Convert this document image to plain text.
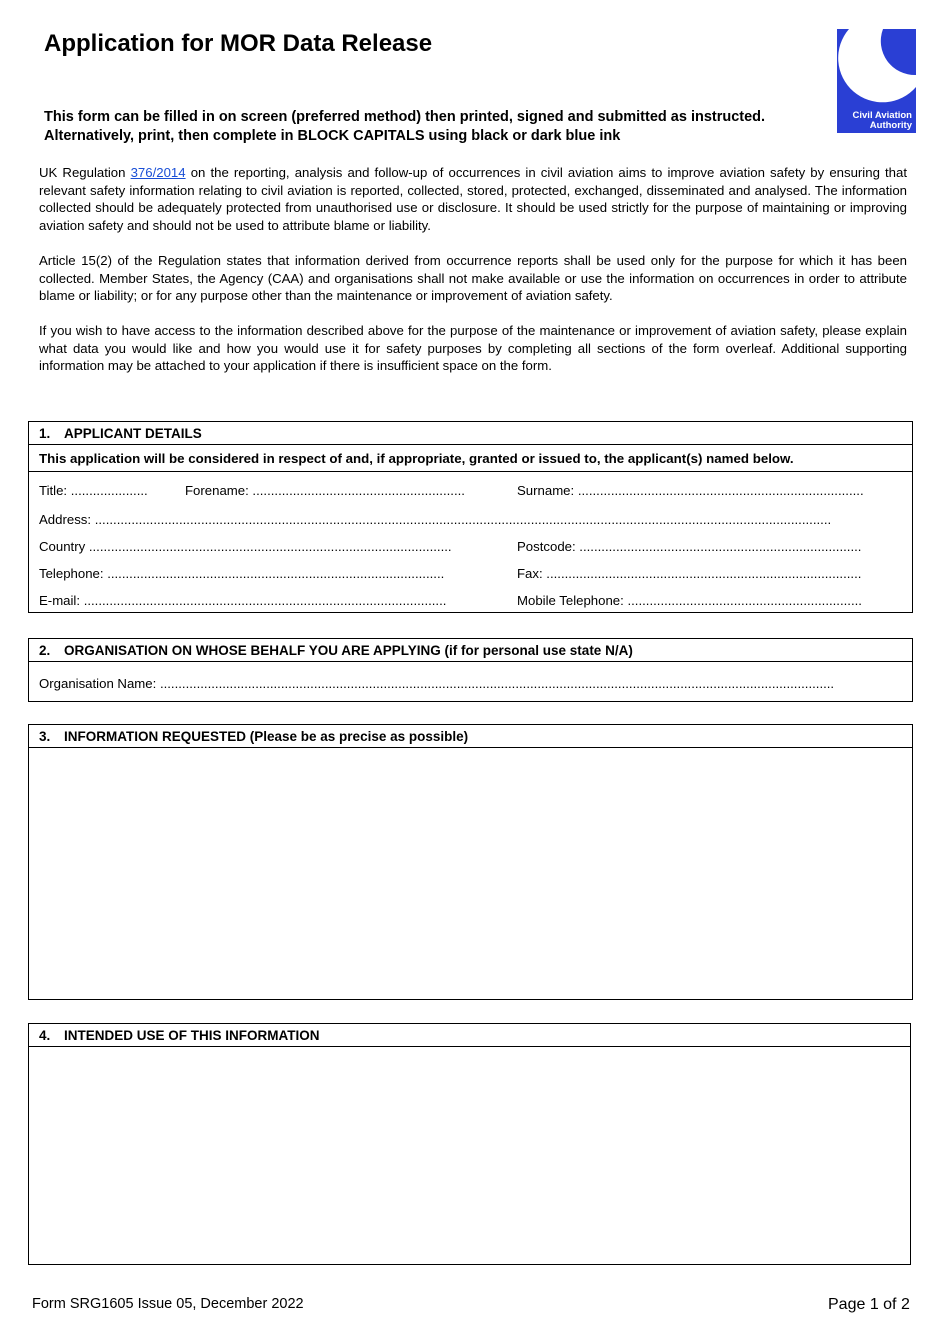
Application for MOR Data Release
Civil Aviation
Authority
This form can be filled in on screen (preferred method) then printed, signed and submitted as instructed. Alternatively, print, then complete in BLOCK CAPITALS using black or dark blue ink
UK Regulation 376/2014 on the reporting, analysis and follow-up of occurrences in civil aviation aims to improve aviation safety by ensuring that relevant safety information relating to civil aviation is reported, collected, stored, protected, exchanged, disseminated and analysed. The information collected should be adequately protected from unauthorised use or disclosure. It should be used strictly for the purpose of maintaining or improving aviation safety and should not be used to attribute blame or liability.
Article 15(2) of the Regulation states that information derived from occurrence reports shall be used only for the purpose for which it has been collected. Member States, the Agency (CAA) and organisations shall not make available or use the information on occurrences in order to attribute blame or liability; or for any purpose other than the maintenance or improvement of aviation safety.
If you wish to have access to the information described above for the purpose of the maintenance or improvement of aviation safety, please explain what data you would like and how you would use it for safety purposes by completing all sections of the form overleaf. Additional supporting information may be attached to your application if there is insufficient space on the form.
1.	APPLICANT DETAILS
This application will be considered in respect of and, if appropriate, granted or issued to, the applicant(s) named below.
Title: .....................	Forename: ..........................................................	Surname: ..............................................................................
Address: .........................................................................................................................................................................................................
Country ...................................................................................................	Postcode: .............................................................................
Telephone: ............................................................................................	Fax: ......................................................................................
E-mail: ...................................................................................................	Mobile Telephone: ................................................................
2.	ORGANISATION ON WHOSE BEHALF YOU ARE APPLYING (if for personal use state N/A)
Organisation Name: ........................................................................................................................................................................................
3.	INFORMATION REQUESTED (Please be as precise as possible)
4.	INTENDED USE OF THIS INFORMATION
Form SRG1605 Issue 05, December 2022	Page 1 of 2
